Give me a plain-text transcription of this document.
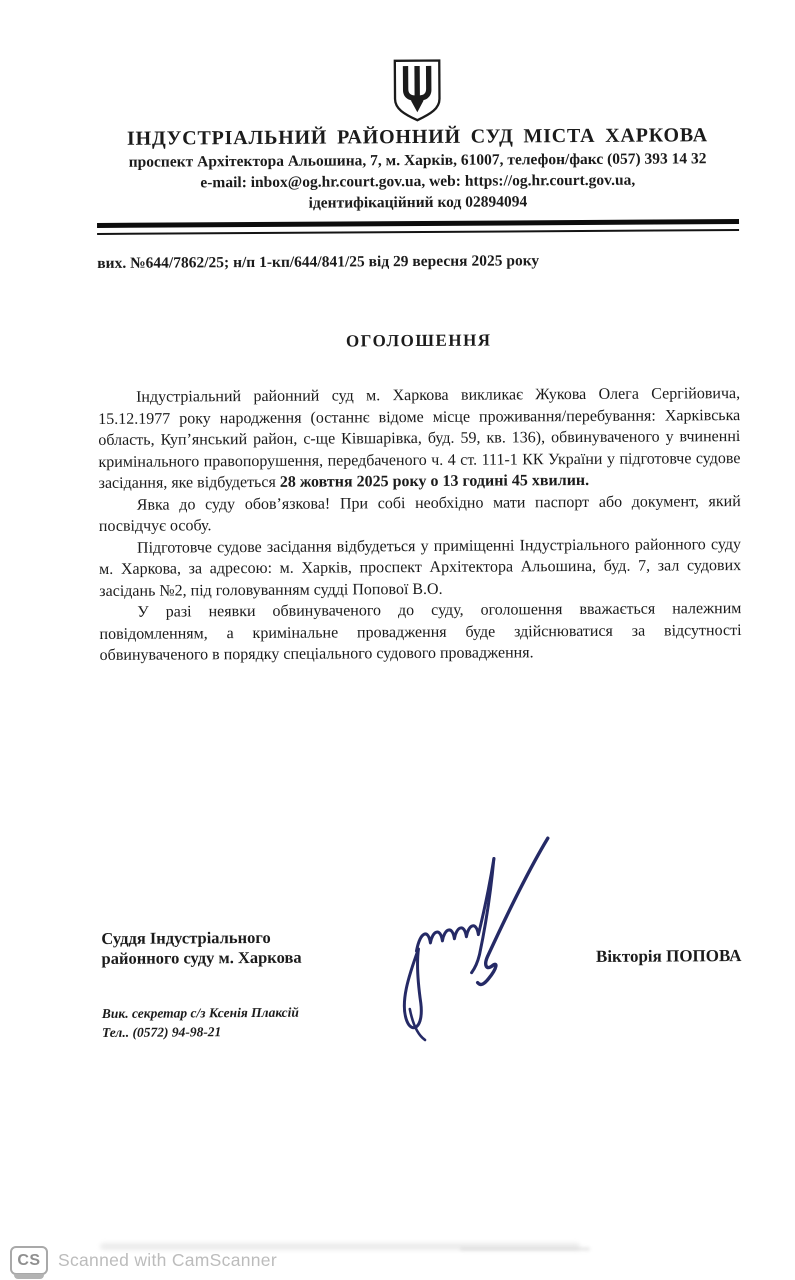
ІНДУСТРІАЛЬНИЙ РАЙОННИЙ СУД МІСТА ХАРКОВА
проспект Архітектора Альошина, 7, м. Харків, 61007, телефон/факс (057) 393 14 32
e-mail: inbox@og.hr.court.gov.ua, web: https://og.hr.court.gov.ua,
ідентифікаційний код 02894094
вих. №644/7862/25; н/п 1-кп/644/841/25 від 29 вересня 2025 року
ОГОЛОШЕННЯ

Індустріальний районний суд м. Харкова викликає Жукова Олега Сергійовича, 15.12.1977 року народження (останнє відоме місце проживання/перебування: Харківська область, Куп’янський район, с-ще Ківшарівка, буд. 59, кв. 136), обвинуваченого у вчиненні кримінального правопорушення, передбаченого ч. 4 ст. 111-1 КК України у підготовче судове засідання, яке відбудеться 28 жовтня 2025 року о 13 годині 45 хвилин.

Явка до суду обов’язкова! При собі необхідно мати паспорт або документ, який посвідчує особу.

Підготовче судове засідання відбудеться у приміщенні Індустріального районного суду м. Харкова, за адресою: м. Харків, проспект Архітектора Альошина, буд. 7, зал судових засідань №2, під головуванням судді Попової В.О.

У разі неявки обвинуваченого до суду, оголошення вважається належним повідомленням, а кримінальне провадження буде здійснюватися за відсутності обвинуваченого в порядку спеціального судового провадження.

Суддя Індустріального
районного суду м. Харкова	Вікторія ПОПОВА
Вик. секретар с/з Ксенія Плаксій
Тел.. (0572) 94-98-21
CS Scanned with CamScanner
